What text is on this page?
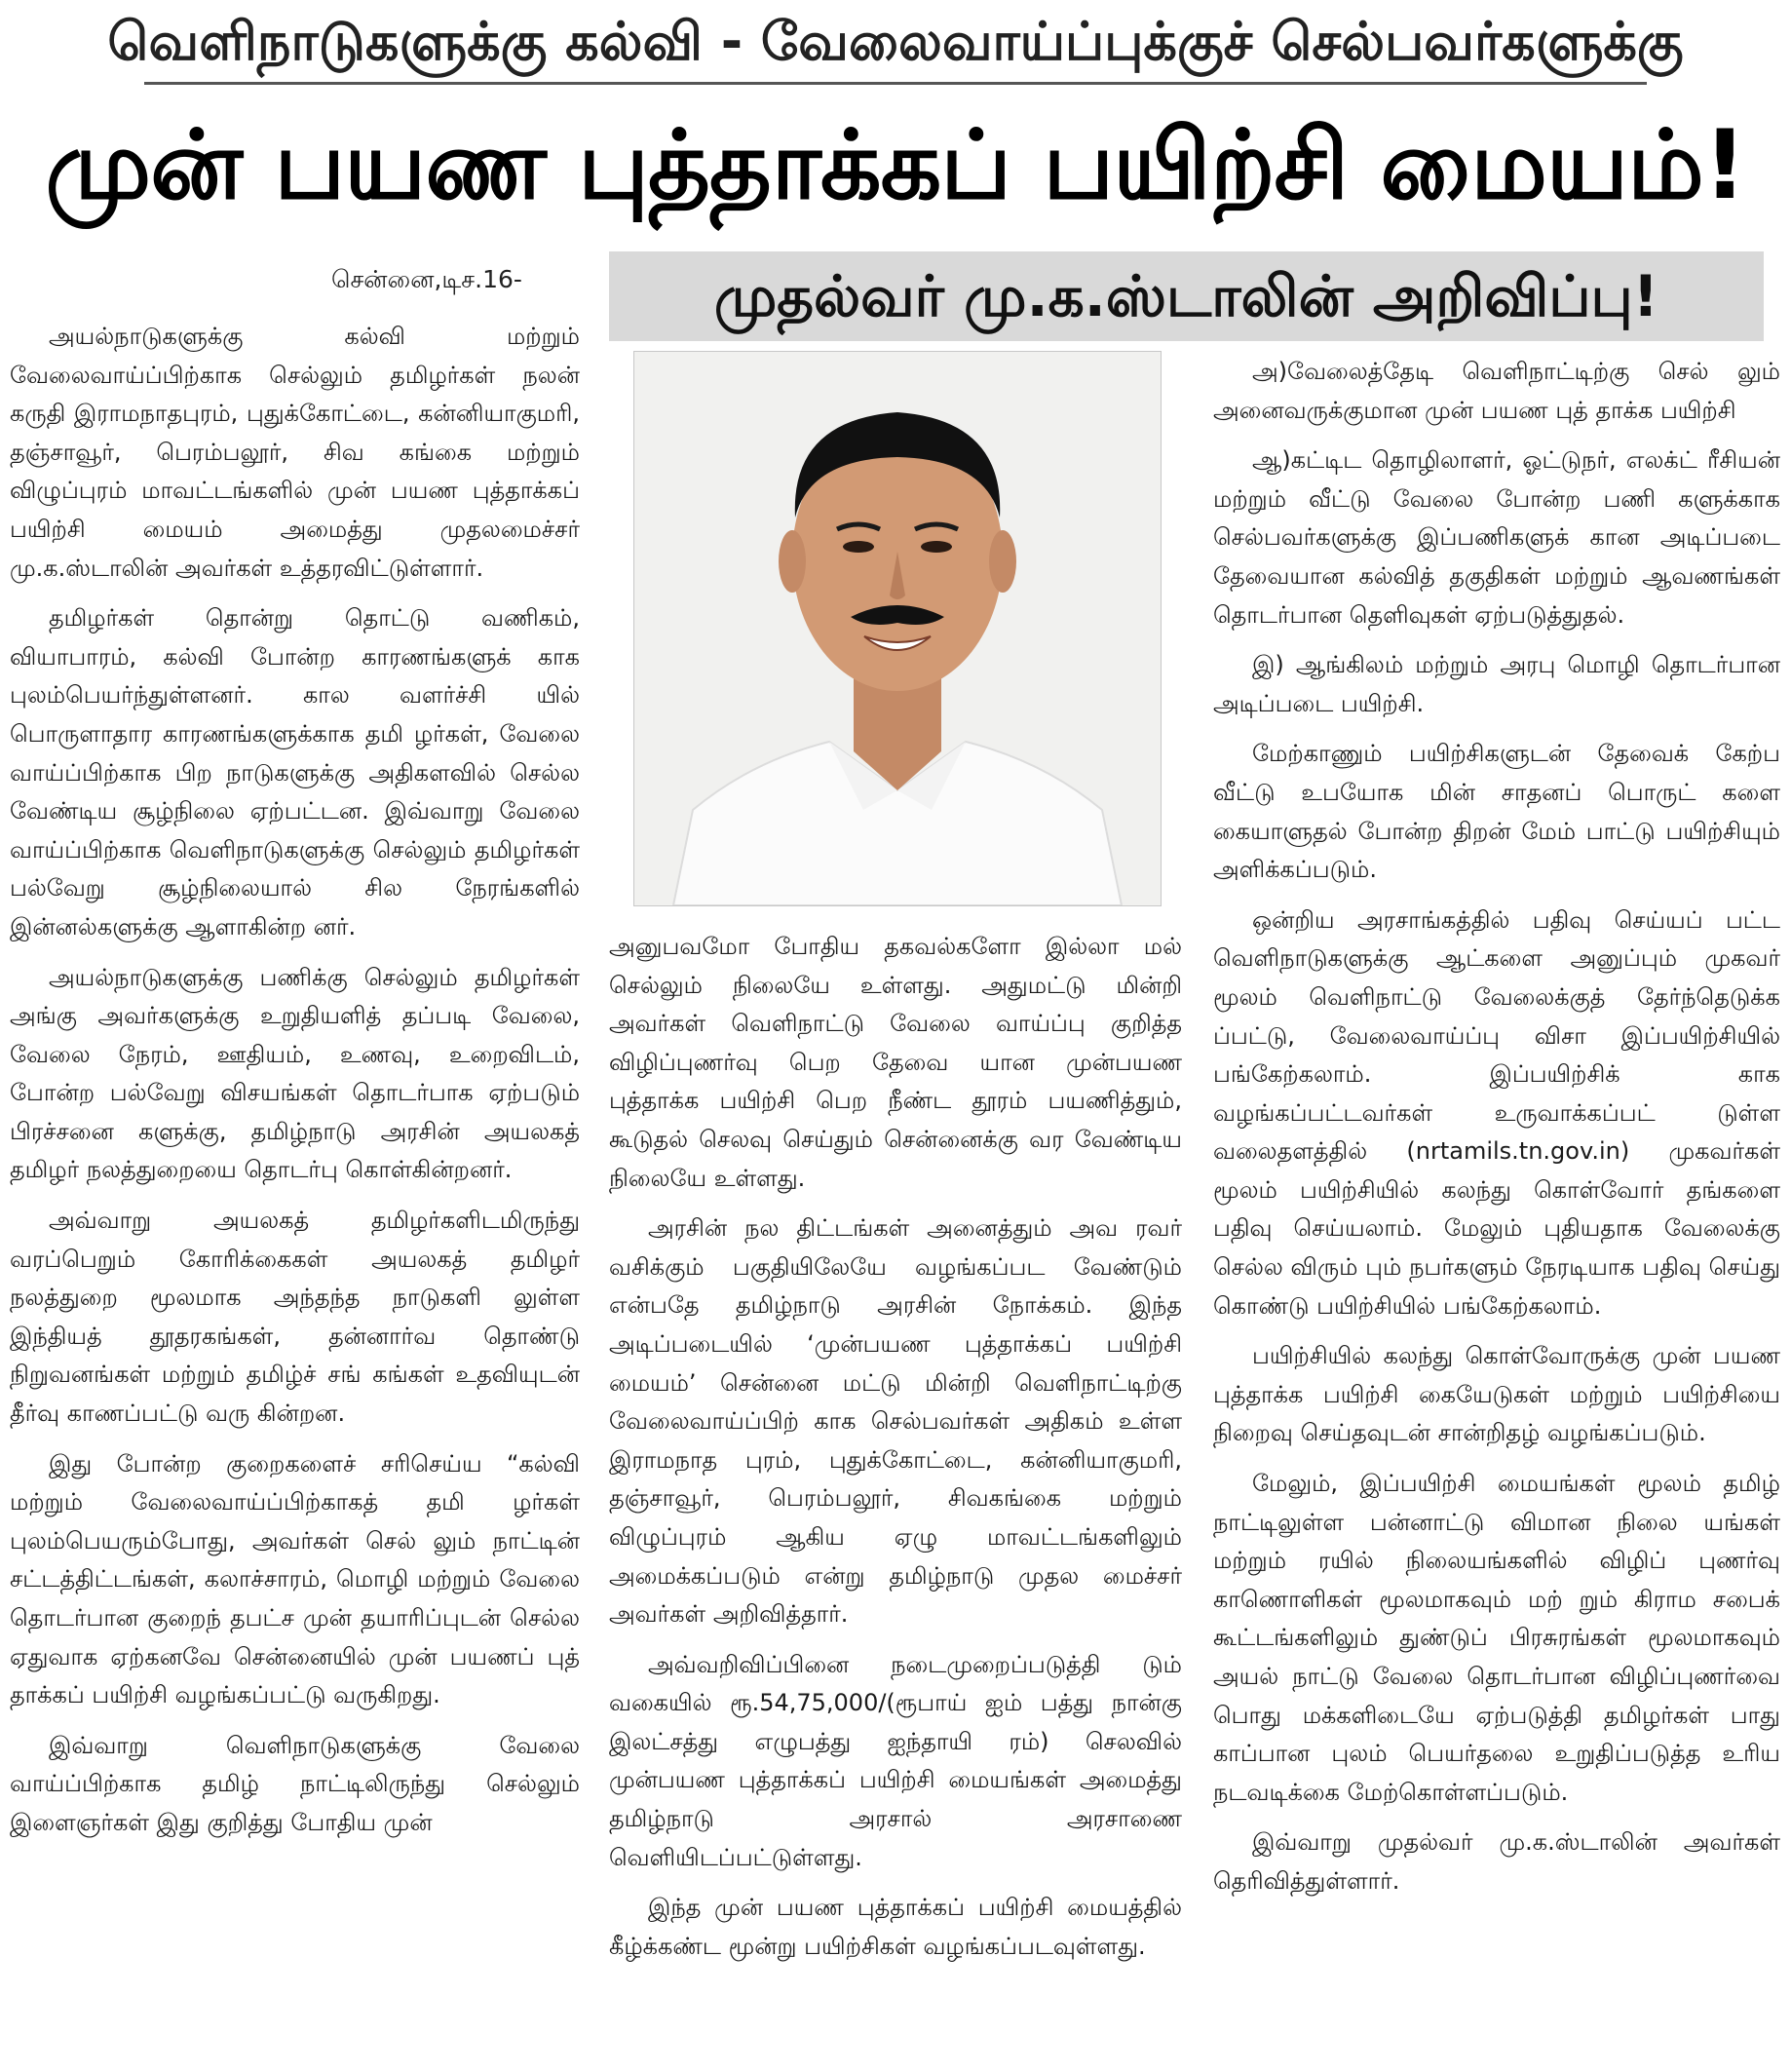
வெளிநாடுகளுக்கு கல்வி - வேலைவாய்ப்புக்குச் செல்பவர்களுக்கு
முன் பயண புத்தாக்கப் பயிற்சி மையம்!
முதல்வர் மு.க.ஸ்டாலின் அறிவிப்பு!
சென்னை,டிச.16-

அயல்நாடுகளுக்கு கல்வி மற்றும் வேலைவாய்ப்பிற்காக செல்லும் தமிழர்கள் நலன் கருதி இராமநாதபுரம், புதுக்கோட்டை, கன்னியாகுமரி, தஞ்சாவூர், பெரம்பலூர், சிவ கங்கை மற்றும் விழுப்புரம் மாவட்டங்களில் முன் பயண புத்தாக்கப் பயிற்சி மையம் அமைத்து முதலமைச்சர் மு.க.ஸ்டாலின் அவர்கள் உத்தரவிட்டுள்ளார்.

தமிழர்கள் தொன்று தொட்டு வணிகம், வியாபாரம், கல்வி போன்ற காரணங்களுக் காக புலம்பெயர்ந்துள்ளனர். கால வளர்ச்சி யில் பொருளாதார காரணங்களுக்காக தமி ழர்கள், வேலை வாய்ப்பிற்காக பிற நாடுகளுக்கு அதிகளவில் செல்ல வேண்டிய சூழ்நிலை ஏற்பட்டன. இவ்வாறு வேலை வாய்ப்பிற்காக வெளிநாடுகளுக்கு செல்லும் தமிழர்கள் பல்வேறு சூழ்நிலையால் சில நேரங்களில் இன்னல்களுக்கு ஆளாகின்ற னர்.

அயல்நாடுகளுக்கு பணிக்கு செல்லும் தமிழர்கள் அங்கு அவர்களுக்கு உறுதியளித் தப்படி வேலை, வேலை நேரம், ஊதியம், உணவு, உறைவிடம், போன்ற பல்வேறு விசயங்கள் தொடர்பாக ஏற்படும் பிரச்சனை களுக்கு, தமிழ்நாடு அரசின் அயலகத் தமிழர் நலத்துறையை தொடர்பு கொள்கின்றனர்.

அவ்வாறு அயலகத் தமிழர்களிடமிருந்து வரப்பெறும் கோரிக்கைகள் அயலகத் தமிழர் நலத்துறை மூலமாக அந்தந்த நாடுகளி லுள்ள இந்தியத் தூதரகங்கள், தன்னார்வ தொண்டு நிறுவனங்கள் மற்றும் தமிழ்ச் சங் கங்கள் உதவியுடன் தீர்வு காணப்பட்டு வரு கின்றன.

இது போன்ற குறைகளைச் சரிசெய்ய “கல்வி மற்றும் வேலைவாய்ப்பிற்காகத் தமி ழர்கள் புலம்பெயரும்போது, அவர்கள் செல் லும் நாட்டின் சட்டத்திட்டங்கள், கலாச்சாரம், மொழி மற்றும் வேலை தொடர்பான குறைந் தபட்ச முன் தயாரிப்புடன் செல்ல ஏதுவாக ஏற்கனவே சென்னையில் முன் பயணப் புத் தாக்கப் பயிற்சி வழங்கப்பட்டு வருகிறது.

இவ்வாறு வெளிநாடுகளுக்கு வேலை வாய்ப்பிற்காக தமிழ் நாட்டிலிருந்து செல்லும் இளைஞர்கள் இது குறித்து போதிய முன்

அனுபவமோ போதிய தகவல்களோ இல்லா மல் செல்லும் நிலையே உள்ளது. அதுமட்டு மின்றி அவர்கள் வெளிநாட்டு வேலை வாய்ப்பு குறித்த விழிப்புணர்வு பெற தேவை யான முன்பயண புத்தாக்க பயிற்சி பெற நீண்ட தூரம் பயணித்தும், கூடுதல் செலவு செய்தும் சென்னைக்கு வர வேண்டிய நிலையே உள்ளது.

அரசின் நல திட்டங்கள் அனைத்தும் அவ ரவர் வசிக்கும் பகுதியிலேயே வழங்கப்பட வேண்டும் என்பதே தமிழ்நாடு அரசின் நோக்கம். இந்த அடிப்படையில் ‘முன்பயண புத்தாக்கப் பயிற்சி மையம்’ சென்னை மட்டு மின்றி வெளிநாட்டிற்கு வேலைவாய்ப்பிற் காக செல்பவர்கள் அதிகம் உள்ள இராமநாத புரம், புதுக்கோட்டை, கன்னியாகுமரி, தஞ்சாவூர், பெரம்பலூர், சிவகங்கை மற்றும் விழுப்புரம் ஆகிய ஏழு மாவட்டங்களிலும் அமைக்கப்படும் என்று தமிழ்நாடு முதல மைச்சர் அவர்கள் அறிவித்தார்.

அவ்வறிவிப்பினை நடைமுறைப்படுத்தி டும் வகையில் ரூ.54,75,000/(ரூபாய் ஐம் பத்து நான்கு இலட்சத்து எழுபத்து ஐந்தாயி ரம்) செலவில் முன்பயண புத்தாக்கப் பயிற்சி மையங்கள் அமைத்து தமிழ்நாடு அரசால் அரசாணை வெளியிடப்பட்டுள்ளது.

இந்த முன் பயண புத்தாக்கப் பயிற்சி மையத்தில் கீழ்க்கண்ட மூன்று பயிற்சிகள் வழங்கப்படவுள்ளது.

அ)வேலைத்தேடி வெளிநாட்டிற்கு செல் லும் அனைவருக்குமான முன் பயண புத் தாக்க பயிற்சி

ஆ)கட்டிட தொழிலாளர், ஓட்டுநர், எலக்ட் ரீசியன் மற்றும் வீட்டு வேலை போன்ற பணி களுக்காக செல்பவர்களுக்கு இப்பணிகளுக் கான அடிப்படை தேவையான கல்வித் தகுதிகள் மற்றும் ஆவணங்கள் தொடர்பான தெளிவுகள் ஏற்படுத்துதல்.

இ) ஆங்கிலம் மற்றும் அரபு மொழி தொடர்பான அடிப்படை பயிற்சி.

மேற்காணும் பயிற்சிகளுடன் தேவைக் கேற்ப வீட்டு உபயோக மின் சாதனப் பொருட் களை கையாளுதல் போன்ற திறன் மேம் பாட்டு பயிற்சியும் அளிக்கப்படும்.

ஒன்றிய அரசாங்கத்தில் பதிவு செய்யப் பட்ட வெளிநாடுகளுக்கு ஆட்களை அனுப்பும் முகவர் மூலம் வெளிநாட்டு வேலைக்குத் தேர்ந்தெடுக்க ப்பட்டு, வேலைவாய்ப்பு விசா இப்பயிற்சியில் பங்கேற்கலாம். இப்பயிற்சிக் காக வழங்கப்பட்டவர்கள் உருவாக்கப்பட் டுள்ள வலைதளத்தில் (nrtamils.tn.gov.in) முகவர்கள் மூலம் பயிற்சியில் கலந்து கொள்வோர் தங்களை பதிவு செய்யலாம். மேலும் புதியதாக வேலைக்கு செல்ல விரும் பும் நபர்களும் நேரடியாக பதிவு செய்து கொண்டு பயிற்சியில் பங்கேற்கலாம்.

பயிற்சியில் கலந்து கொள்வோருக்கு முன் பயண புத்தாக்க பயிற்சி கையேடுகள் மற்றும் பயிற்சியை நிறைவு செய்தவுடன் சான்றிதழ் வழங்கப்படும்.

மேலும், இப்பயிற்சி மையங்கள் மூலம் தமிழ் நாட்டிலுள்ள பன்னாட்டு விமான நிலை யங்கள் மற்றும் ரயில் நிலையங்களில் விழிப் புணர்வு காணொளிகள் மூலமாகவும் மற் றும் கிராம சபைக் கூட்டங்களிலும் துண்டுப் பிரசுரங்கள் மூலமாகவும் அயல் நாட்டு வேலை தொடர்பான விழிப்புணர்வை பொது மக்களிடையே ஏற்படுத்தி தமிழர்கள் பாது காப்பான புலம் பெயர்தலை உறுதிப்படுத்த உரிய நடவடிக்கை மேற்கொள்ளப்படும்.

இவ்வாறு முதல்வர் மு.க.ஸ்டாலின் அவர்கள் தெரிவித்துள்ளார்.
